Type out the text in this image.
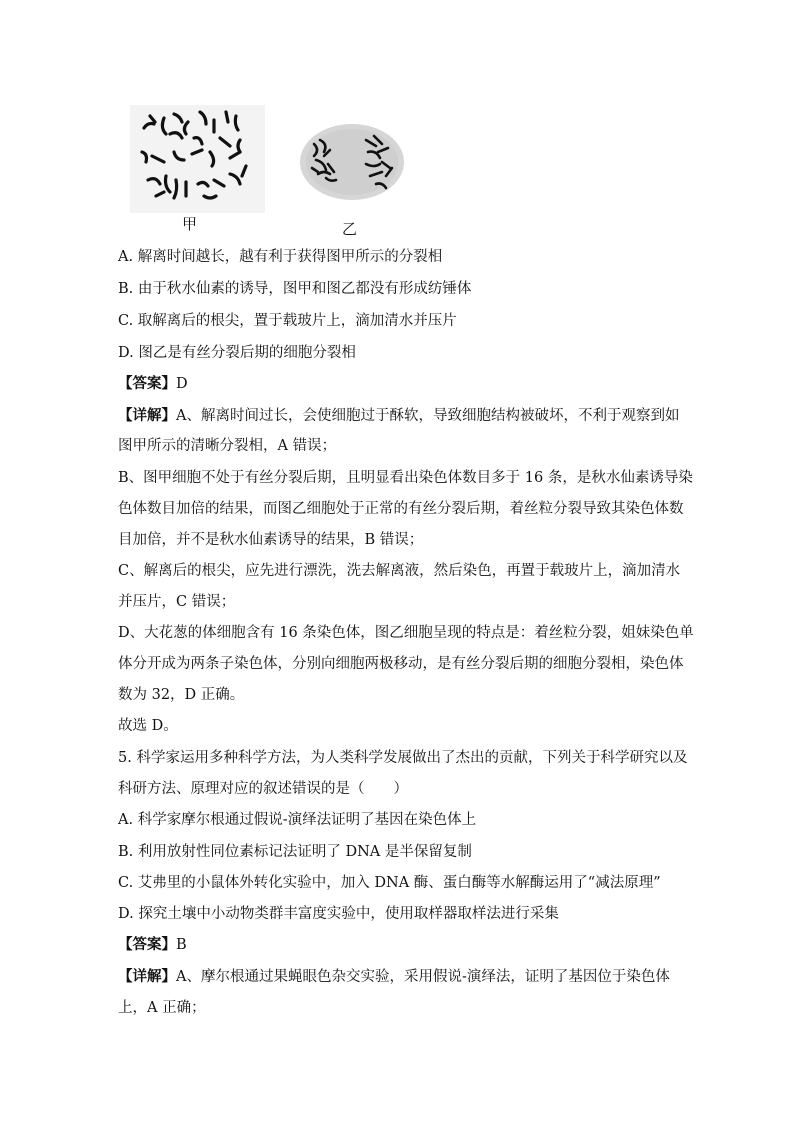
甲	乙
A. 解离时间越长，越有利于获得图甲所示的分裂相
B. 由于秋水仙素的诱导，图甲和图乙都没有形成纺锤体
C. 取解离后的根尖，置于载玻片上，滴加清水并压片
D. 图乙是有丝分裂后期的细胞分裂相
【答案】D
【详解】A、解离时间过长，会使细胞过于酥软，导致细胞结构被破坏，不利于观察到如
图甲所示的清晰分裂相，A 错误；
B、图甲细胞不处于有丝分裂后期，且明显看出染色体数目多于 16 条，是秋水仙素诱导染
色体数目加倍的结果，而图乙细胞处于正常的有丝分裂后期，着丝粒分裂导致其染色体数
目加倍，并不是秋水仙素诱导的结果，B 错误；
C、解离后的根尖，应先进行漂洗，洗去解离液，然后染色，再置于载玻片上，滴加清水
并压片，C 错误；
D、大花葱的体细胞含有 16 条染色体，图乙细胞呈现的特点是：着丝粒分裂，姐妹染色单
体分开成为两条子染色体，分别向细胞两极移动，是有丝分裂后期的细胞分裂相，染色体
数为 32，D 正确。
故选 D。
5. 科学家运用多种科学方法，为人类科学发展做出了杰出的贡献，下列关于科学研究以及
科研方法、原理对应的叙述错误的是（　　）
A. 科学家摩尔根通过假说-演绎法证明了基因在染色体上
B. 利用放射性同位素标记法证明了 DNA 是半保留复制
C. 艾弗里的小鼠体外转化实验中，加入 DNA 酶、蛋白酶等水解酶运用了“减法原理”
D. 探究土壤中小动物类群丰富度实验中，使用取样器取样法进行采集
【答案】B
【详解】A、摩尔根通过果蝇眼色杂交实验，采用假说-演绎法，证明了基因位于染色体
上，A 正确；
